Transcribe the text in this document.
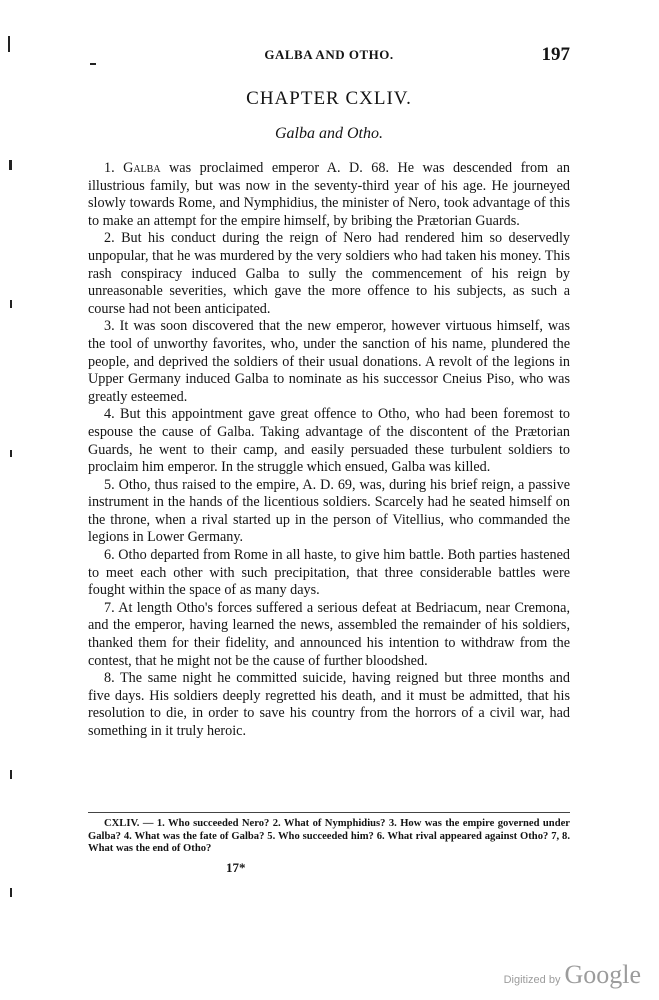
GALBA AND OTHO.	197
CHAPTER CXLIV.
Galba and Otho.

1. Galba was proclaimed emperor A. D. 68. He was descended from an illustrious family, but was now in the seventy-third year of his age. He journeyed slowly towards Rome, and Nymphidius, the minister of Nero, took advantage of this to make an attempt for the empire himself, by bribing the Prætorian Guards.

2. But his conduct during the reign of Nero had rendered him so deservedly unpopular, that he was murdered by the very soldiers who had taken his money. This rash conspiracy induced Galba to sully the commencement of his reign by unreasonable severities, which gave the more offence to his subjects, as such a course had not been anticipated.

3. It was soon discovered that the new emperor, however virtuous himself, was the tool of unworthy favorites, who, under the sanction of his name, plundered the people, and deprived the soldiers of their usual donations. A revolt of the legions in Upper Germany induced Galba to nominate as his successor Cneius Piso, who was greatly esteemed.

4. But this appointment gave great offence to Otho, who had been foremost to espouse the cause of Galba. Taking advantage of the discontent of the Prætorian Guards, he went to their camp, and easily persuaded these turbulent soldiers to proclaim him emperor. In the struggle which ensued, Galba was killed.

5. Otho, thus raised to the empire, A. D. 69, was, during his brief reign, a passive instrument in the hands of the licentious soldiers. Scarcely had he seated himself on the throne, when a rival started up in the person of Vitellius, who commanded the legions in Lower Germany.

6. Otho departed from Rome in all haste, to give him battle. Both parties hastened to meet each other with such precipitation, that three considerable battles were fought within the space of as many days.

7. At length Otho's forces suffered a serious defeat at Bedriacum, near Cremona, and the emperor, having learned the news, assembled the remainder of his soldiers, thanked them for their fidelity, and announced his intention to withdraw from the contest, that he might not be the cause of further bloodshed.

8. The same night he committed suicide, having reigned but three months and five days. His soldiers deeply regretted his death, and it must be admitted, that his resolution to die, in order to save his country from the horrors of a civil war, had something in it truly heroic.

CXLIV. — 1. Who succeeded Nero? 2. What of Nymphidius? 3. How was the empire governed under Galba? 4. What was the fate of Galba? 5. Who succeeded him? 6. What rival appeared against Otho? 7, 8. What was the end of Otho?

17*
Digitized by Google
